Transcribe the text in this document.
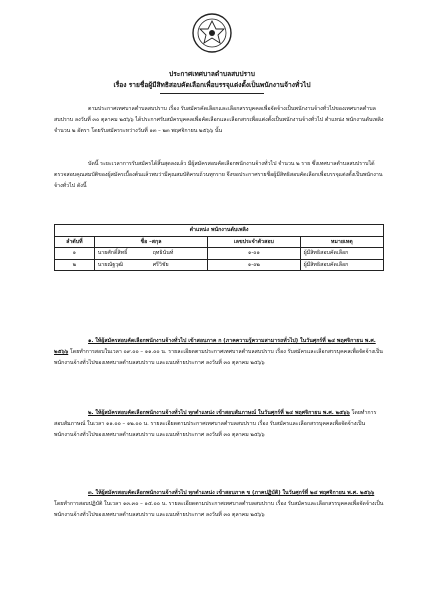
ประกาศเทศบาลตำบลสบปราบ
เรื่อง รายชื่อผู้มีสิทธิสอบคัดเลือกเพื่อบรรจุแต่งตั้งเป็นพนักงานจ้างทั่วไป
ตามประกาศเทศบาลตำบลสบปราบ เรื่อง รับสมัครคัดเลือกและเลือกสรรบุคคลเพื่อจัดจ้างเป็นพนักงานจ้างทั่วไปของเทศบาลตำบลสบปราบ ลงวันที่ ๓๐ ตุลาคม ๒๕๖๖ ได้ประกาศรับสมัครบุคคลเพื่อคัดเลือกและเลือกสรรเพื่อแต่งตั้งเป็นพนักงานจ้างทั่วไป ตำแหน่ง พนักงานดับเพลิง จำนวน ๒ อัตรา โดยรับสมัครระหว่างวันที่ ๑๓ – ๒๓ พฤศจิกายน ๒๕๖๖ นั้น
บัดนี้ ระยะเวลาการรับสมัครได้สิ้นสุดลงแล้ว มีผู้สมัครสอบคัดเลือกพนักงานจ้างทั่วไป จำนวน ๒ ราย ซึ่งเทศบาลตำบลสบปราบได้ตรวจสอบคุณสมบัติของผู้สมัครเบื้องต้นแล้วพบว่ามีคุณสมบัติครบถ้วนทุกราย จึงขอประกาศรายชื่อผู้มีสิทธิสอบคัดเลือกเพื่อบรรจุแต่งตั้งเป็นพนักงานจ้างทั่วไป ดังนี้
ตำแหน่ง พนักงานดับเพลิง			
ลำดับที่	ชื่อ –สกุล	เลขประจำตัวสอบ	หมายเหตุ
๑	นายศักดิ์สิทธิ์ ฤทธินันท์	๑-๐๑	ผู้มีสิทธิสอบคัดเลือก
๒	นายณัฐวุฒิ ศรีวิชัย	๑-๐๒	ผู้มีสิทธิสอบคัดเลือก
๑. ให้ผู้สมัครสอบคัดเลือกพนักงานจ้างทั่วไป เข้าสอบภาค ก (ภาคความรู้ความสามารถทั่วไป) ในวันศุกร์ที่ ๒๔ พฤศจิกายน พ.ศ. ๒๕๖๖ โดยทำการสอบในเวลา ๐๙.๐๐ – ๑๑.๐๐ น. รายละเอียดตามประกาศเทศบาลตำบลสบปราบ เรื่อง รับสมัครและเลือกสรรบุคคลเพื่อจัดจ้างเป็นพนักงานจ้างทั่วไปของเทศบาลตำบลสบปราบ และแนบท้ายประกาศ ลงวันที่ ๓๐ ตุลาคม ๒๕๖๖
๒. ให้ผู้สมัครสอบคัดเลือกพนักงานจ้างทั่วไป ทุกตำแหน่ง เข้าสอบสัมภาษณ์ ในวันศุกร์ที่ ๒๔ พฤศจิกายน พ.ศ. ๒๕๖๖ โดยทำการสอบสัมภาษณ์ ในเวลา ๑๑.๐๐ – ๑๒.๐๐ น. รายละเอียดตามประกาศเทศบาลตำบลสบปราบ เรื่อง รับสมัครและเลือกสรรบุคคลเพื่อจัดจ้างเป็นพนักงานจ้างทั่วไปของเทศบาลตำบลสบปราบ และแนบท้ายประกาศ ลงวันที่ ๓๐ ตุลาคม ๒๕๖๖
๓. ให้ผู้สมัครสอบคัดเลือกพนักงานจ้างทั่วไป ทุกตำแหน่ง เข้าสอบภาค ข (ภาคปฏิบัติ) ในวันศุกร์ที่ ๒๔ พฤศจิกายน พ.ศ. ๒๕๖๖ โดยทำการสอบปฏิบัติ ในเวลา ๑๓.๓๐ – ๑๕.๐๐ น. รายละเอียดตามประกาศเทศบาลตำบลสบปราบ เรื่อง รับสมัครและเลือกสรรบุคคลเพื่อจัดจ้างเป็นพนักงานจ้างทั่วไปของเทศบาลตำบลสบปราบ และแนบท้ายประกาศ ลงวันที่ ๓๐ ตุลาคม ๒๕๖๖
